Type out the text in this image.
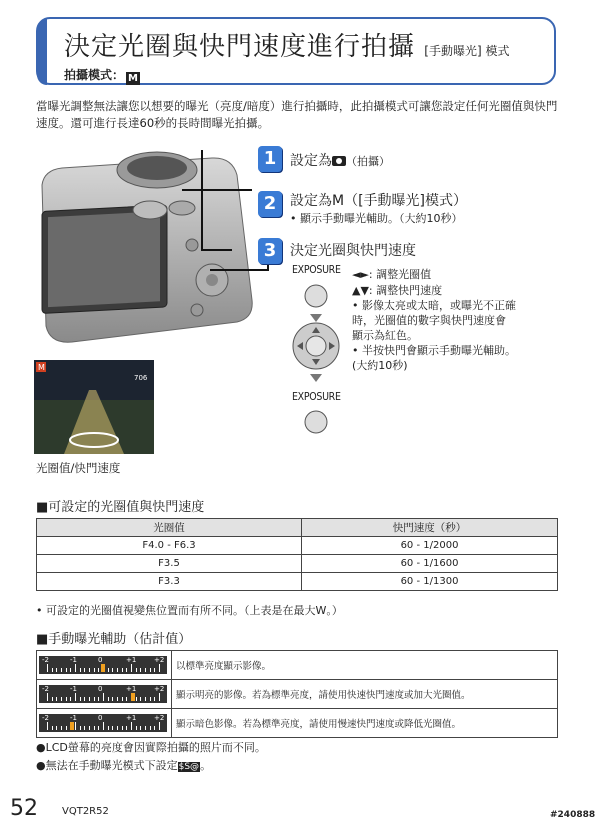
決定光圈與快門速度進行拍攝 [手動曝光] 模式
拍攝模式： M
當曝光調整無法讓您以想要的曝光（亮度/暗度）進行拍攝時，此拍攝模式可讓您設定任何光圈值與快門速度。還可進行長達60秒的長時間曝光拍攝。
M
706
光圈值/快門速度
1 設定為 （拍攝）
2 設定為M（[手動曝光]模式）
• 顯示手動曝光輔助。（大約10秒）
3 決定光圈與快門速度
EXPOSURE
EXPOSURE
◄►: 調整光圈值
▲▼: 調整快門速度
• 影像太亮或太暗，或曝光不正確
時，光圈值的數字與快門速度會
顯示為紅色。
• 半按快門會顯示手動曝光輔助。
(大約10秒)
■可設定的光圈值與快門速度
光圈值	快門速度（秒）
F4.0 - F6.3	60 - 1/2000
F3.5	60 - 1/1600
F3.3	60 - 1/1300
• 可設定的光圈值視變焦位置而有所不同。（上表是在最大W。）
■手動曝光輔助（估計值）
-2 -1 0 +1 +2	以標準亮度顯示影像。

-2 -1 0 +1 +2	顯示明亮的影像。若為標準亮度，請使用快速快門速度或加大光圈值。

-2 -1 0 +1 +2	顯示暗色影像。若為標準亮度，請使用慢速快門速度或降低光圈值。
●LCD螢幕的亮度會因實際拍攝的照片而不同。
●無法在手動曝光模式下設定$S@。
52 VQT2R52	#240888
